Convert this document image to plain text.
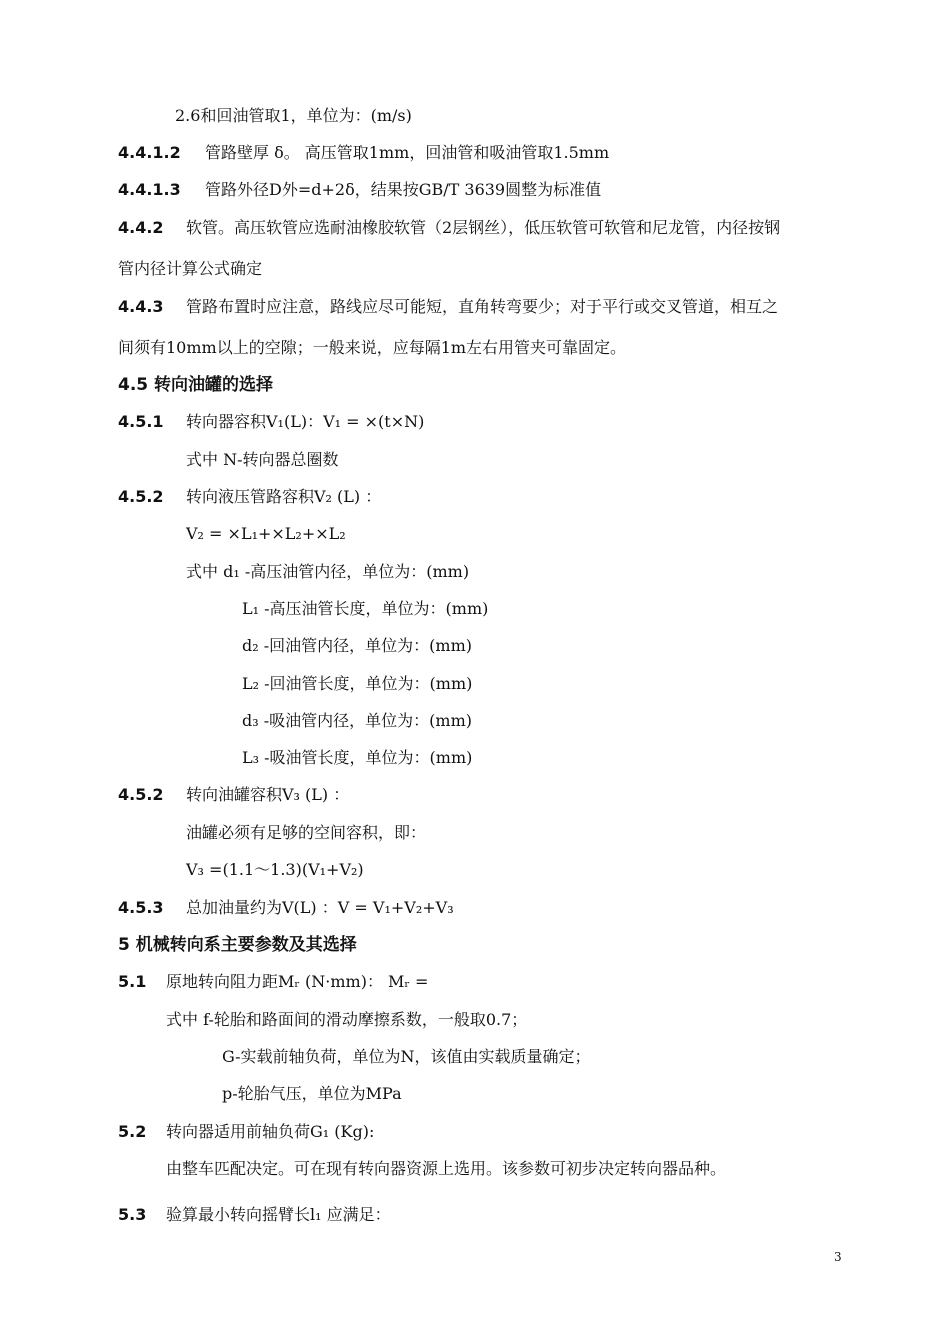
2.6和回油管取1，单位为：(m/s)
4.4.1.2 管路壁厚 δ。 高压管取1mm，回油管和吸油管取1.5mm
4.4.1.3 管路外径D外=d+2δ，结果按GB/T 3639圆整为标准值
4.4.2 软管。高压软管应选耐油橡胶软管（2层钢丝），低压软管可软管和尼龙管，内径按钢
管内径计算公式确定
4.4.3 管路布置时应注意，路线应尽可能短，直角转弯要少；对于平行或交叉管道，相互之
间须有10mm以上的空隙；一般来说，应每隔1m左右用管夹可靠固定。
4.5 转向油罐的选择
4.5.1 转向器容积V₁(L)：V₁ = ×(t×N)
式中 N-转向器总圈数
4.5.2 转向液压管路容积V₂ (L) ：
V₂ = ×L₁+×L₂+×L₂
式中 d₁ -高压油管内径，单位为：(mm)
L₁ -高压油管长度，单位为：(mm)
d₂ -回油管内径，单位为：(mm)
L₂ -回油管长度，单位为：(mm)
d₃ -吸油管内径，单位为：(mm)
L₃ -吸油管长度，单位为：(mm)
4.5.2 转向油罐容积V₃ (L) ：
油罐必须有足够的空间容积，即：
V₃ =(1.1～1.3)(V₁+V₂)
4.5.3 总加油量约为V(L) ：V = V₁+V₂+V₃
5 机械转向系主要参数及其选择
5.1 原地转向阻力距Mᵣ (N·mm)： Mᵣ =
式中 f-轮胎和路面间的滑动摩擦系数，一般取0.7；
G-实载前轴负荷，单位为N，该值由实载质量确定；
p-轮胎气压，单位为MPa
5.2 转向器适用前轴负荷G₁ (Kg):
由整车匹配决定。可在现有转向器资源上选用。该参数可初步决定转向器品种。
5.3 验算最小转向摇臂长l₁ 应满足：
3
